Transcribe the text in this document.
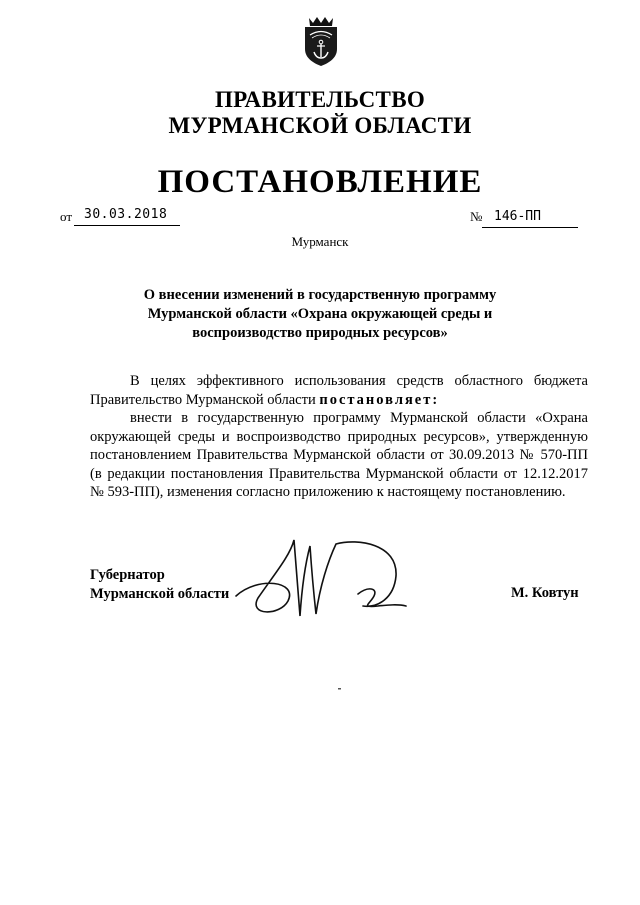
ПРАВИТЕЛЬСТВО
МУРМАНСКОЙ ОБЛАСТИ
ПОСТАНОВЛЕНИЕ
от 30.03.2018	№ 146-ПП
Мурманск
О внесении изменений в государственную программу
Мурманской области «Охрана окружающей среды и
воспроизводство природных ресурсов»

В целях эффективного использования средств областного бюджета Правительство Мурманской области постановляет:

внести в государственную программу Мурманской области «Охрана окружающей среды и воспроизводство природных ресурсов», утвержденную постановлением Правительства Мурманской области от 30.09.2013 № 570-ПП (в редакции постановления Правительства Мурманской области от 12.12.2017 № 593-ПП), изменения согласно приложению к настоящему постановлению.

Губернатор
Мурманской области	М. Ковтун
